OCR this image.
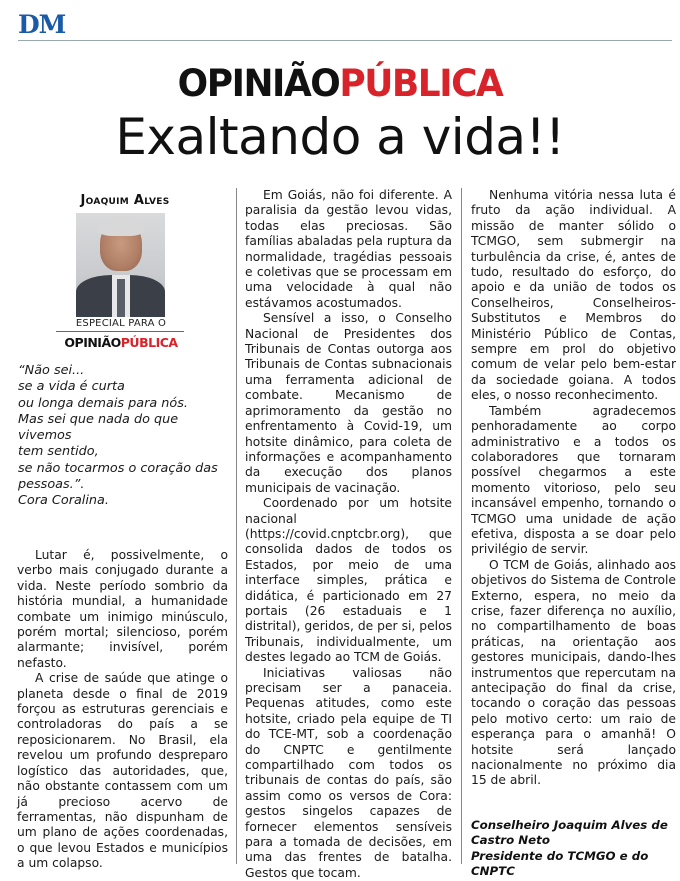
DM
OPINIÃOPÚBLICA
Exaltando a vida!!
Joaquim Alves
ESPECIAL PARA O
OPINIÃOPÚBLICA
“Não sei...
se a vida é curta
ou longa demais para nós.
Mas sei que nada do que
vivemos
tem sentido,
se não tocarmos o coração das
pessoas.”.
Cora Coralina.

Lutar é, possivelmente, o verbo mais conjugado durante a vida. Neste período sombrio da história mundial, a humanidade combate um inimigo minúsculo, porém mortal; silencioso, porém alarmante; invisível, porém nefasto.

A crise de saúde que atinge o planeta desde o final de 2019 forçou as estruturas gerenciais e controladoras do país a se reposicionarem. No Brasil, ela revelou um profundo despreparo logístico das autoridades, que, não obstante contassem com um já precioso acervo de ferramentas, não dispunham de um plano de ações coordenadas, o que levou Estados e municípios a um colapso.

Em Goiás, não foi diferente. A paralisia da gestão levou vidas, todas elas preciosas. São famílias abaladas pela ruptura da normalidade, tragédias pessoais e coletivas que se processam em uma velocidade à qual não estávamos acostumados.

Sensível a isso, o Conselho Nacional de Presidentes dos Tribunais de Contas outorga aos Tribunais de Contas subnacionais uma ferramenta adicional de combate. Mecanismo de aprimoramento da gestão no enfrentamento à Covid-19, um hotsite dinâmico, para coleta de informações e acompanhamento da execução dos planos municipais de vacinação.

Coordenado por um hotsite nacional (https://covid.cnptcbr.org), que consolida dados de todos os Estados, por meio de uma interface simples, prática e didática, é particionado em 27 portais (26 estaduais e 1 distrital), geridos, de per si, pelos Tribunais, individualmente, um destes legado ao TCM de Goiás.

Iniciativas valiosas não precisam ser a panaceia. Pequenas atitudes, como este hotsite, criado pela equipe de TI do TCE-MT, sob a coordenação do CNPTC e gentilmente compartilhado com todos os tribunais de contas do país, são assim como os versos de Cora: gestos singelos capazes de fornecer elementos sensíveis para a tomada de decisões, em uma das frentes de batalha. Gestos que tocam.

Nenhuma vitória nessa luta é fruto da ação individual. A missão de manter sólido o TCMGO, sem submergir na turbulência da crise, é, antes de tudo, resultado do esforço, do apoio e da união de todos os Conselheiros, Conselheiros-Substitutos e Membros do Ministério Público de Contas, sempre em prol do objetivo comum de velar pelo bem-estar da sociedade goiana. A todos eles, o nosso reconhecimento.

Também agradecemos penhoradamente ao corpo administrativo e a todos os colaboradores que tornaram possível chegarmos a este momento vitorioso, pelo seu incansável empenho, tornando o TCMGO uma unidade de ação efetiva, disposta a se doar pelo privilégio de servir.

O TCM de Goiás, alinhado aos objetivos do Sistema de Controle Externo, espera, no meio da crise, fazer diferença no auxílio, no compartilhamento de boas práticas, na orientação aos gestores municipais, dando-lhes instrumentos que repercutam na antecipação do final da crise, tocando o coração das pessoas pelo motivo certo: um raio de esperança para o amanhã! O hotsite será lançado nacionalmente no próximo dia 15 de abril.

Conselheiro Joaquim Alves de Castro Neto
Presidente do TCMGO e do CNPTC
